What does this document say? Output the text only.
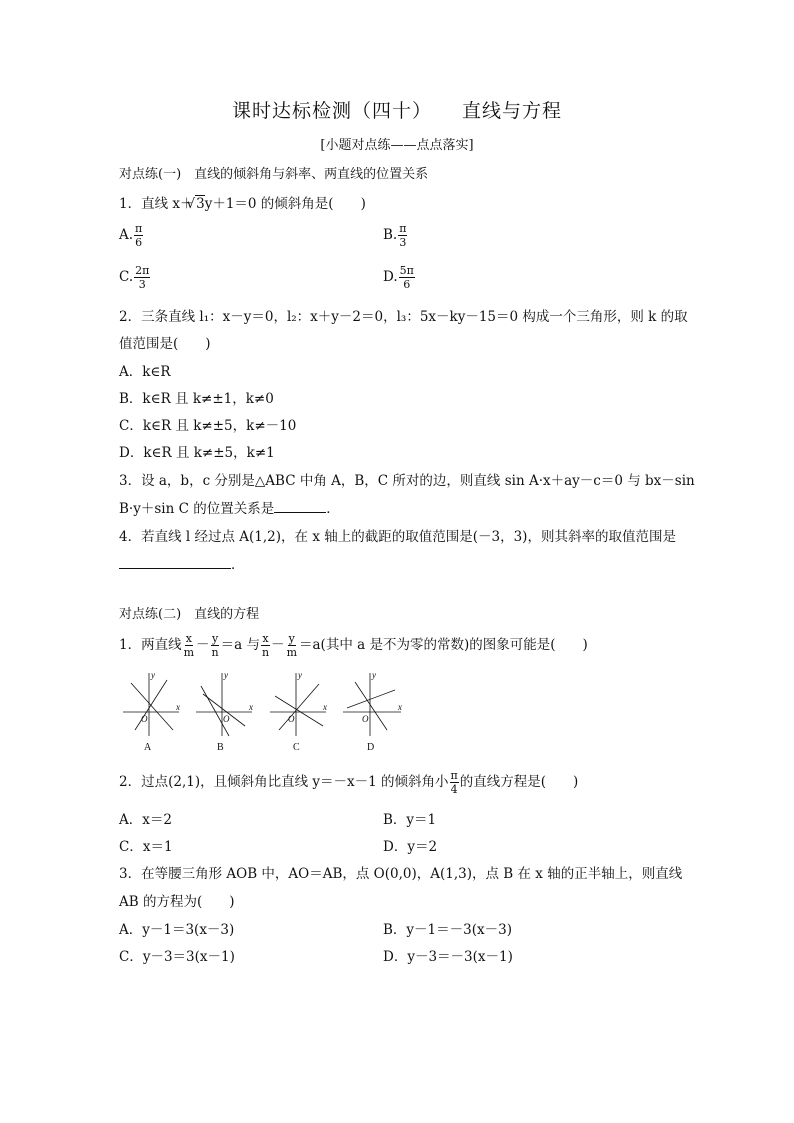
课时达标检测（四十） 直线与方程
[小题对点练——点点落实]
对点练(一)　直线的倾斜角与斜率、两直线的位置关系
1．直线 x＋√ 3y＋1＝0 的倾斜角是(　　)
A. $\frac{\pi}{6}$	B. $\frac{\pi}{3}$
C. $\frac{2\pi}{3}$	D. $\frac{5\pi}{6}$
2．三条直线 l₁：x－y＝0，l₂：x＋y－2＝0，l₃：5x－ky－15＝0 构成一个三角形，则 k 的取
值范围是(　　)
A．k∈R
B．k∈R 且 k≠±1，k≠0
C．k∈R 且 k≠±5，k≠－10
D．k∈R 且 k≠±5，k≠1
3．设 a，b，c 分别是△ABC 中角 A，B，C 所对的边，则直线 sin A·x＋ay－c＝0 与 bx－sin
B·y＋sin C 的位置关系是	．
4．若直线 l 经过点 A(1,2)，在 x 轴上的截距的取值范围是(－3，3)，则其斜率的取值范围是
．
对点练(二)　直线的方程
1．两直线 $\frac{x}{m} - \frac{y}{n} =a$ 与 $\frac{x}{n} - \frac{y}{m} =a$(其中 a 是不为零的常数)的图象可能是(　　)
y
x
O
y
x
O
y
x
O
y
x
O
A	B	C	D
2．过点(2,1)，且倾斜角比直线 y＝－x－1 的倾斜角小 $\frac{\pi}{4}$ 的直线方程是(　　)
A．x＝2	B．y＝1
C．x＝1	D．y＝2
3．在等腰三角形 AOB 中，AO＝AB，点 O(0,0)，A(1,3)，点 B 在 x 轴的正半轴上，则直线
AB 的方程为(　　)
A．y－1＝3(x－3)	B．y－1＝－3(x－3)
C．y－3＝3(x－1)	D．y－3＝－3(x－1)
